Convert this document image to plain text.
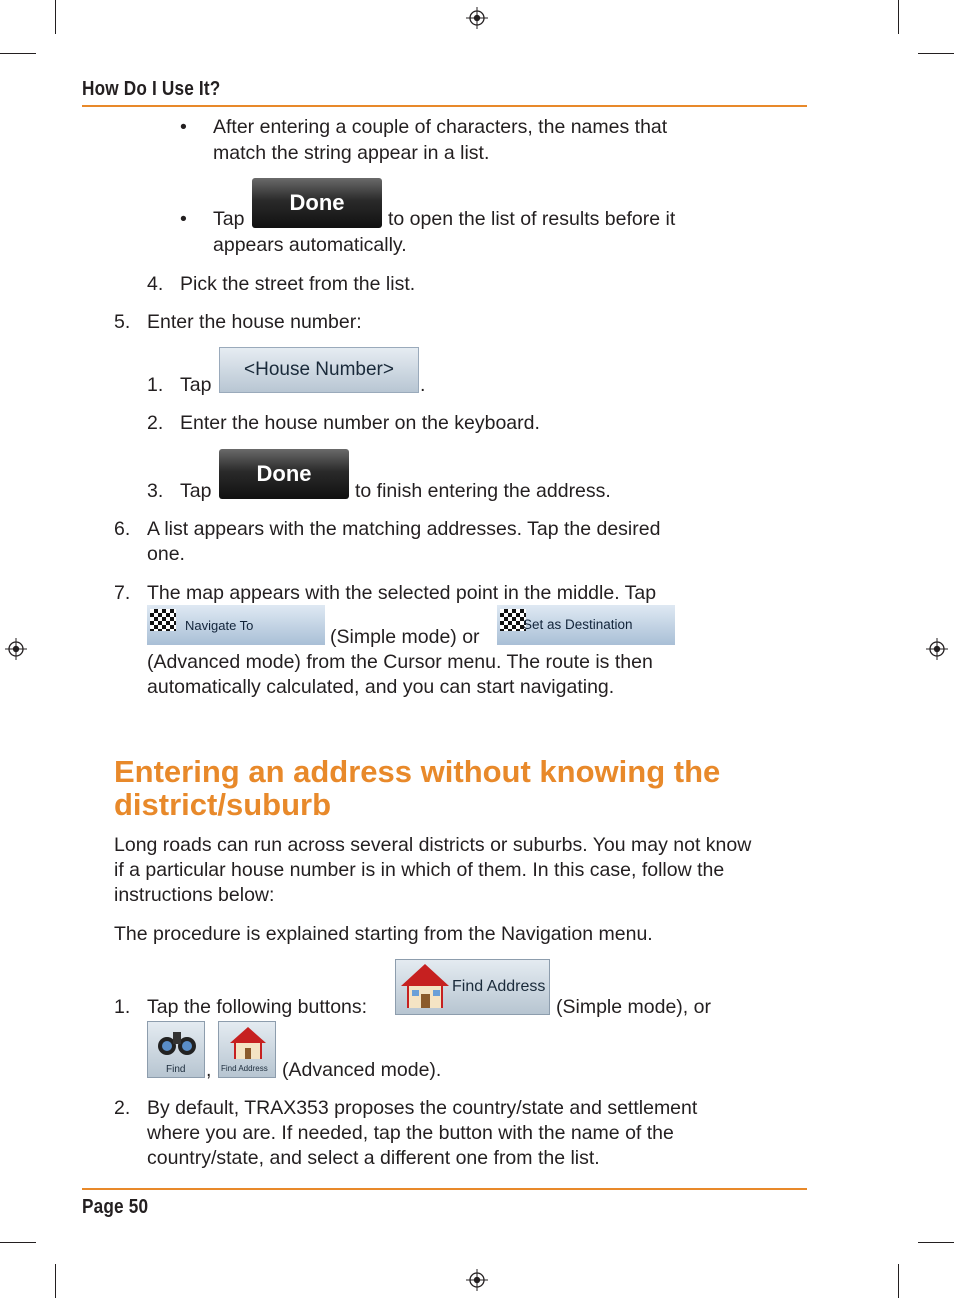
How Do I Use It?
• After entering a couple of characters, the names that
match the string appear in a list.
• Tap
Done
to open the list of results before it
appears automatically.
4. Pick the street from the list.
5. Enter the house number:
1. Tap
<House Number>
.
2. Enter the house number on the keyboard.
3. Tap
Done
to finish entering the address.
6. A list appears with the matching addresses. Tap the desired
one.
7. The map appears with the selected point in the middle. Tap
Navigate To
(Simple mode) or
Set as Destination
(Advanced mode) from the Cursor menu. The route is then
automatically calculated, and you can start navigating.
Entering an address without knowing the
district/suburb
Long roads can run across several districts or suburbs. You may not know
if a particular house number is in which of them. In this case, follow the
instructions below:
The procedure is explained starting from the Navigation menu.
1. Tap the following buttons:
Find Address
(Simple mode), or
Find , Find Address (Advanced mode).
2. By default, TRAX353 proposes the country/state and settlement
where you are. If needed, tap the button with the name of the
country/state, and select a different one from the list.
Page 50
